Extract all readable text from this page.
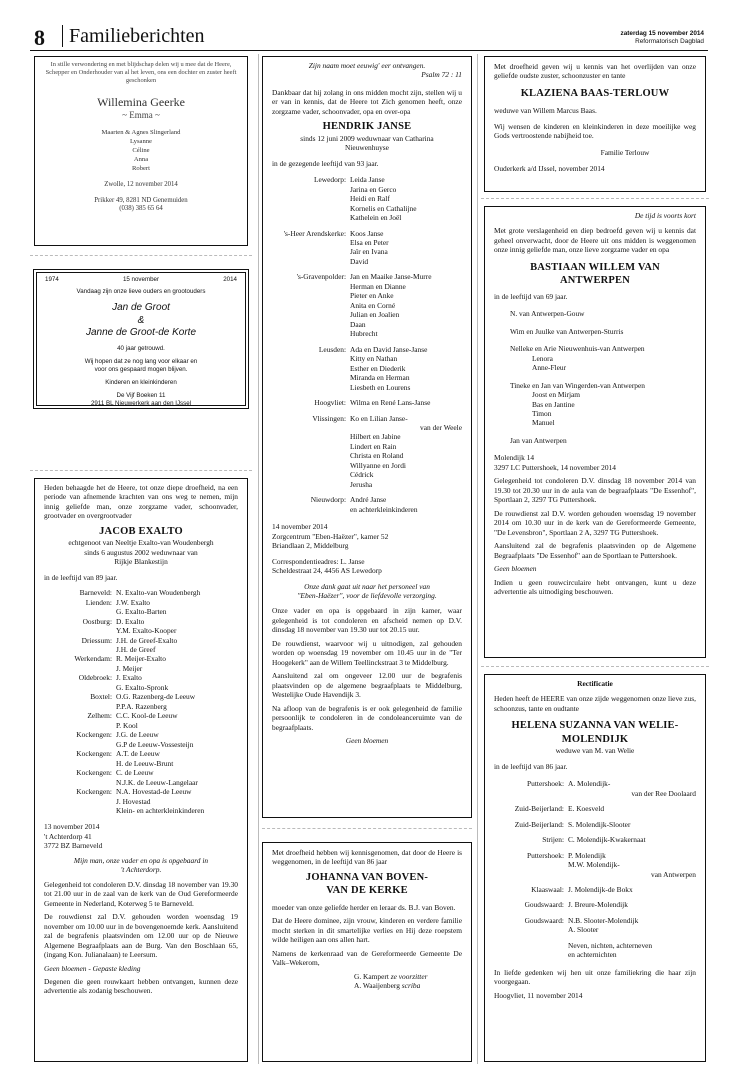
8	Familieberichten	zaterdag 15 november 2014
Reformatorisch Dagblad
In stille verwondering en met blijdschap delen wij u mee dat de Heere, Schepper en Onderhouder van al het leven, ons een dochter en zuster heeft geschonken
Willemina Geerke
~ Emma ~
Maarten & Agnes Slingerland
Lysanne
Céline
Anna
Robert
Zwolle, 12 november 2014
Prikker 49, 8281 ND Genemuiden
(038) 385 65 64
1974	15 november	2014
Vandaag zijn onze lieve ouders en grootouders
Jan de Groot
&
Janne de Groot-de Korte
40 jaar getrouwd.
Wij hopen dat ze nog lang voor elkaar en
voor ons gespaard mogen blijven.
Kinderen en kleinkinderen
De Vijf Boeken 11
2911 BL Nieuwerkerk aan den IJssel
Heden behaagde het de Heere, tot onze diepe droefheid, na een periode van afnemende krachten van ons weg te nemen, mijn innig geliefde man, onze zorgzame vader, schoonvader, grootvader en overgrootvader
JACOB EXALTO
echtgenoot van Neeltje Exalto-van Woudenbergh
sinds 6 augustus 2002 weduwnaar van
Rijkje Blankestijn
in de leeftijd van 89 jaar.
Barneveld: N. Exalto-van Woudenbergh
Lienden: J.W. Exalto
G. Exalto-Barten
Oostburg: D. Exalto
Y.M. Exalto-Kooper
Driessum: J.H. de Greef-Exalto
J.H. de Greef
Werkendam: R. Meijer-Exalto
J. Meijer
Oldebroek: J. Exalto
G. Exalto-Spronk
Boxtel: O.G. Razenberg-de Leeuw
P.P.A. Razenberg
Zelhem: C.C. Kool-de Leeuw
P. Kool
Kockengen: J.G. de Leeuw
G.P de Leeuw-Vossesteijn
Kockengen: A.T. de Leeuw
H. de Leeuw-Brunt
Kockengen: C. de Leeuw
N.J.K. de Leeuw-Langelaar
Kockengen: N.A. Hovestad-de Leeuw
J. Hovestad
Klein- en achterkleinkinderen
13 november 2014
't Achterdorp 41
3772 BZ Barneveld
Mijn man, onze vader en opa is opgebaard in
't Achterdorp.
Gelegenheid tot condoleren D.V. dinsdag 18 november van 19.30 tot 21.00 uur in de zaal van de kerk van de Oud Gereformeerde Gemeente in Nederland, Koterweg 5 te Barneveld.
De rouwdienst zal D.V. gehouden worden woensdag 19 november om 10.00 uur in de bovengenoemde kerk. Aansluitend zal de begrafenis plaatsvinden om 12.00 uur op de Nieuwe Algemene Begraafplaats aan de Burg. Van den Boschlaan 65, (ingang Kon. Julianalaan) te Leersum.
Geen bloemen - Gepaste kleding
Degenen die geen rouwkaart hebben ontvangen, kunnen deze advertentie als zodanig beschouwen.
Zijn naam moet eeuwig' eer ontvangen.
Psalm 72 : 11
Dankbaar dat hij zolang in ons midden mocht zijn, stellen wij u er van in kennis, dat de Heere tot Zich genomen heeft, onze zorgzame vader, schoonvader, opa en over-opa
HENDRIK JANSE
sinds 12 juni 2009 weduwnaar van Catharina
Nieuwenhuyse
in de gezegende leeftijd van 93 jaar.
Lewedorp: Leida Janse
Jarina en Gerco
Heidi en Ralf
Kornelis en Cathalijne
Kathelein en Joël
's-Heer Arendskerke: Koos Janse
Elsa en Peter
Jaïr en Ivana
David
's-Gravenpolder: Jan en Maaike Janse-Murre
Herman en Dianne
Pieter en Anke
Anita en Corné
Julian en Joalien
Daan
Hubrecht
Leusden: Ada en David Janse-Janse
Kitty en Nathan
Esther en Diederik
Miranda en Herman
Liesbeth en Lourens
Hoogvliet: Wilma en René Lans-Janse
Vlissingen: Ko en Lilian Janse-
van der Weele
Hilbert en Jabine
Lindert en Rain
Christa en Roland
Willyanne en Jordi
Cédrick
Jerusha
Nieuwdorp: André Janse
en achterkleinkinderen
14 november 2014
Zorgcentrum "Eben-Haëzer", kamer 52
Briandlaan 2, Middelburg
Correspondentieadres: L. Janse
Scheldestraat 24, 4456 AS Lewedorp
Onze dank gaat uit naar het personeel van
"Eben-Haëzer", voor de liefdevolle verzorging.
Onze vader en opa is opgebaard in zijn kamer, waar gelegenheid is tot condoleren en afscheid nemen op D.V. dinsdag 18 november van 19.30 uur tot 20.15 uur.
De rouwdienst, waarvoor wij u uitnodigen, zal gehouden worden op woensdag 19 november om 10.45 uur in de "Ter Hoogekerk" aan de Willem Teellinckstraat 3 te Middelburg.
Aansluitend zal om ongeveer 12.00 uur de begrafenis plaatsvinden op de algemene begraafplaats te Middelburg, Westelijke Oude Havendijk 3.
Na afloop van de begrafenis is er ook gelegenheid de familie persoonlijk te condoleren in de condoleanceruimte van de begraafplaats.
Geen bloemen
Met droefheid hebben wij kennisgenomen, dat door de Heere is weggenomen, in de leeftijd van 86 jaar
JOHANNA VAN BOVEN-
VAN DE KERKE
moeder van onze geliefde herder en leraar ds. B.J. van Boven.
Dat de Heere dominee, zijn vrouw, kinderen en verdere familie mocht sterken in dit smartelijke verlies en Hij deze roepstem wilde heiligen aan ons allen hart.
Namens de kerkenraad van de Gereformeerde Gemeente De Valk–Wekerom,
G. Kampert ze voorzitter
A. Waaijenberg scriba
Met droefheid geven wij u kennis van het overlijden van onze geliefde oudste zuster, schoonzuster en tante
KLAZIENA BAAS-TERLOUW
weduwe van Willem Marcus Baas.
Wij wensen de kinderen en kleinkinderen in deze moeilijke weg Gods vertroostende nabijheid toe.
Familie Terlouw
Ouderkerk a/d IJssel, november 2014
De tijd is voorts kort
Met grote verslagenheid en diep bedroefd geven wij u kennis dat geheel onverwacht, door de Heere uit ons midden is weggenomen onze innig geliefde man, onze lieve zorgzame vader en opa
BASTIAAN WILLEM VAN
ANTWERPEN
in de leeftijd van 69 jaar.
N. van Antwerpen-Gouw
Wim en Juulke van Antwerpen-Sturris
Nelleke en Arie Nieuwenhuis-van Antwerpen
Lenora
Anne-Fleur
Tineke en Jan van Wingerden-van Antwerpen
Joost en Mirjam
Bas en Jantine
Timon
Manuel
Jan van Antwerpen
Molendijk 14
3297 LC Puttershoek, 14 november 2014
Gelegenheid tot condoleren D.V. dinsdag 18 november 2014 van 19.30 tot 20.30 uur in de aula van de begraafplaats "De Essenhof", Sportlaan 2, 3297 TG Puttershoek.
De rouwdienst zal D.V. worden gehouden woensdag 19 november 2014 om 10.30 uur in de kerk van de Gereformeerde Gemeente, "De Levensbron", Sportlaan 2 A, 3297 TG Puttershoek.
Aansluitend zal de begrafenis plaatsvinden op de Algemene Begraafplaats "De Essenhof" aan de Sportlaan te Puttershoek.
Geen bloemen
Indien u geen rouwcirculaire hebt ontvangen, kunt u deze advertentie als uitnodiging beschouwen.
Rectificatie
Heden heeft de HEERE van onze zijde weggenomen onze lieve zus, schoonzus, tante en oudtante
HELENA SUZANNA VAN WELIE-
MOLENDIJK
weduwe van M. van Welie
in de leeftijd van 86 jaar.
Puttershoek: A. Molendijk-
van der Ree Doolaard
Zuid-Beijerland: E. Koesveld
Zuid-Beijerland: S. Molendijk-Slooter
Strijen: C. Molendijk-Kwakernaat
Puttershoek: P. Molendijk
M.W. Molendijk-
van Antwerpen
Klaaswaal: J. Molendijk-de Bokx
Goudswaard: J. Breure-Molendijk
Goudswaard: N.B. Slooter-Molendijk
A. Slooter
Neven, nichten, achterneven
en achternichten
In liefde gedenken wij hen uit onze familiekring die haar zijn voorgegaan.
Hoogvliet, 11 november 2014
